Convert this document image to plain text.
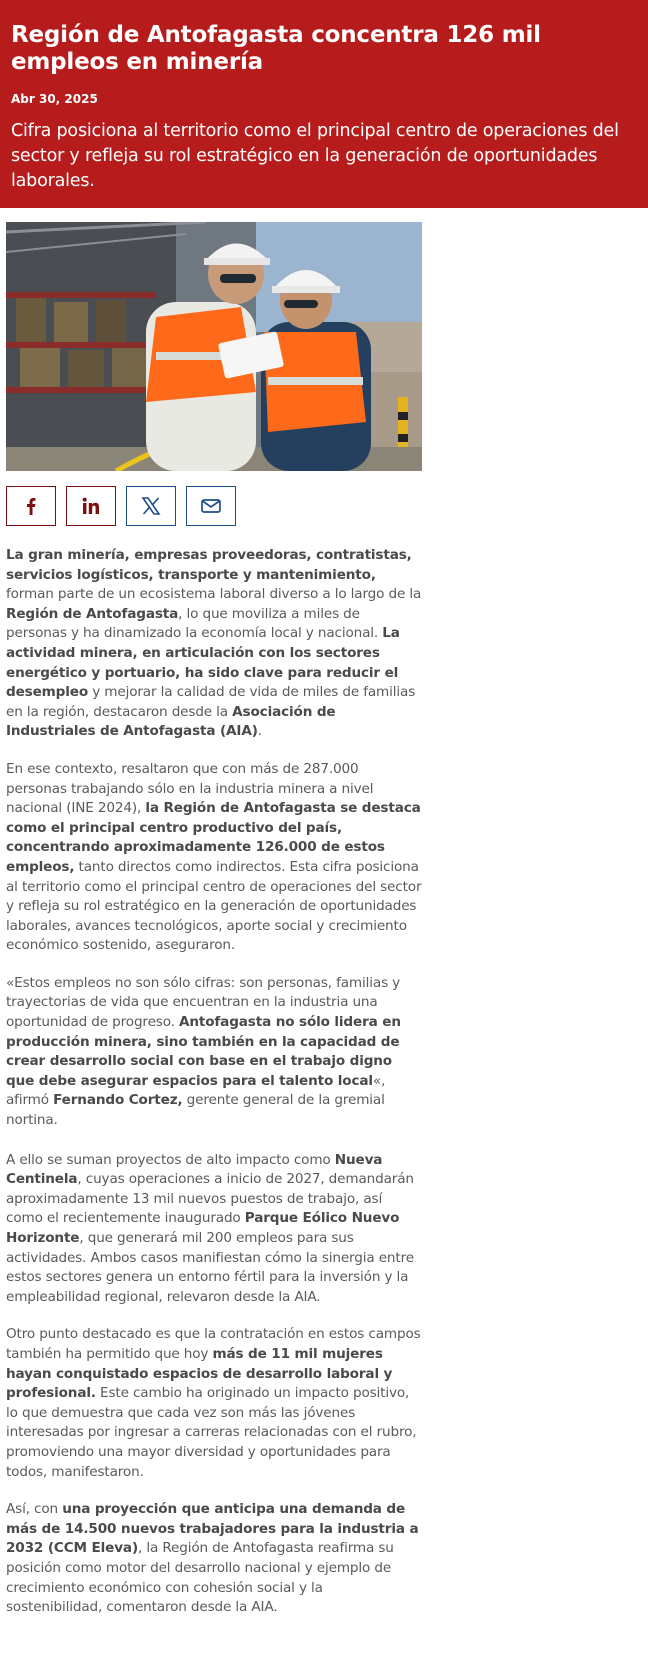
Región de Antofagasta concentra 126 mil empleos en minería
Abr 30, 2025

Cifra posiciona al territorio como el principal centro de operaciones del sector y refleja su rol estratégico en la generación de oportunidades laborales.

La gran minería, empresas proveedoras, contratistas, servicios logísticos, transporte y mantenimiento, forman parte de un ecosistema laboral diverso a lo largo de la Región de Antofagasta, lo que moviliza a miles de personas y ha dinamizado la economía local y nacional. La actividad minera, en articulación con los sectores energético y portuario, ha sido clave para reducir el desempleo y mejorar la calidad de vida de miles de familias en la región, destacaron desde la Asociación de Industriales de Antofagasta (AIA).

En ese contexto, resaltaron que con más de 287.000 personas trabajando sólo en la industria minera a nivel nacional (INE 2024), la Región de Antofagasta se destaca como el principal centro productivo del país, concentrando aproximadamente 126.000 de estos empleos, tanto directos como indirectos. Esta cifra posiciona al territorio como el principal centro de operaciones del sector y refleja su rol estratégico en la generación de oportunidades laborales, avances tecnológicos, aporte social y crecimiento económico sostenido, aseguraron.

«Estos empleos no son sólo cifras: son personas, familias y trayectorias de vida que encuentran en la industria una oportunidad de progreso. Antofagasta no sólo lidera en producción minera, sino también en la capacidad de crear desarrollo social con base en el trabajo digno que debe asegurar espacios para el talento local«, afirmó Fernando Cortez, gerente general de la gremial nortina.

A ello se suman proyectos de alto impacto como Nueva Centinela, cuyas operaciones a inicio de 2027, demandarán aproximadamente 13 mil nuevos puestos de trabajo, así como el recientemente inaugurado Parque Eólico Nuevo Horizonte, que generará mil 200 empleos para sus actividades. Ambos casos manifiestan cómo la sinergia entre estos sectores genera un entorno fértil para la inversión y la empleabilidad regional, relevaron desde la AIA.

Otro punto destacado es que la contratación en estos campos también ha permitido que hoy más de 11 mil mujeres hayan conquistado espacios de desarrollo laboral y profesional. Este cambio ha originado un impacto positivo, lo que demuestra que cada vez son más las jóvenes interesadas por ingresar a carreras relacionadas con el rubro, promoviendo una mayor diversidad y oportunidades para todos, manifestaron.

Así, con una proyección que anticipa una demanda de más de 14.500 nuevos trabajadores para la industria a 2032 (CCM Eleva), la Región de Antofagasta reafirma su posición como motor del desarrollo nacional y ejemplo de crecimiento económico con cohesión social y la sostenibilidad, comentaron desde la AIA.
